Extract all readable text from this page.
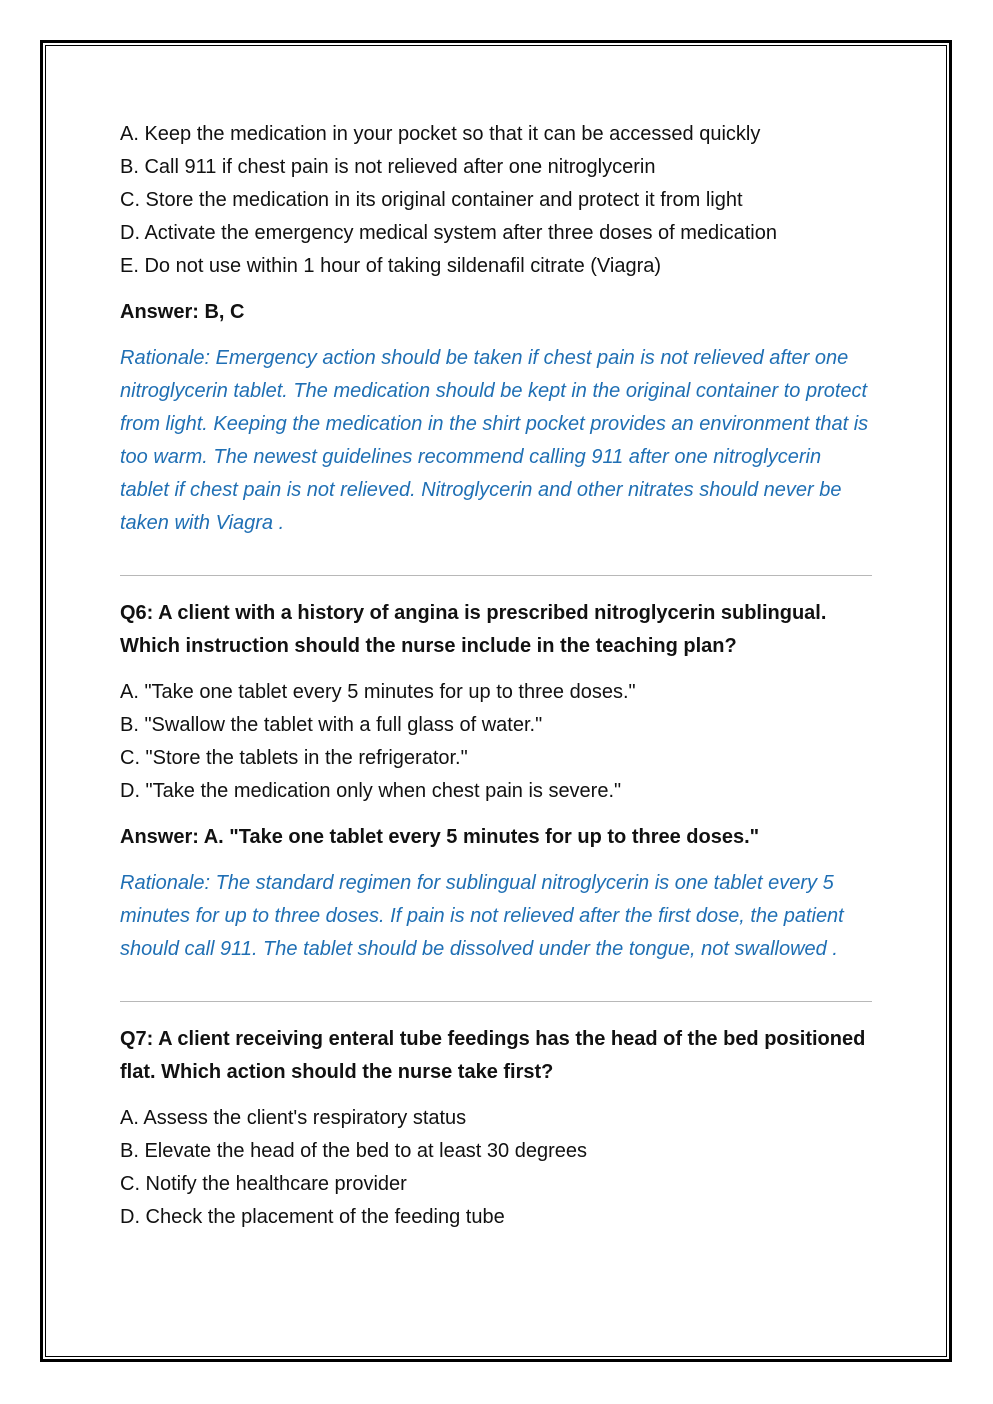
A. Keep the medication in your pocket so that it can be accessed quickly

B. Call 911 if chest pain is not relieved after one nitroglycerin

C. Store the medication in its original container and protect it from light

D. Activate the emergency medical system after three doses of medication

E. Do not use within 1 hour of taking sildenafil citrate (Viagra)

Answer: B, C

Rationale: Emergency action should be taken if chest pain is not relieved after one nitroglycerin tablet. The medication should be kept in the original container to protect from light. Keeping the medication in the shirt pocket provides an environment that is too warm. The newest guidelines recommend calling 911 after one nitroglycerin tablet if chest pain is not relieved. Nitroglycerin and other nitrates should never be taken with Viagra .

Q6: A client with a history of angina is prescribed nitroglycerin sublingual. Which instruction should the nurse include in the teaching plan?

A. "Take one tablet every 5 minutes for up to three doses."

B. "Swallow the tablet with a full glass of water."

C. "Store the tablets in the refrigerator."

D. "Take the medication only when chest pain is severe."

Answer: A. "Take one tablet every 5 minutes for up to three doses."

Rationale: The standard regimen for sublingual nitroglycerin is one tablet every 5 minutes for up to three doses. If pain is not relieved after the first dose, the patient should call 911. The tablet should be dissolved under the tongue, not swallowed .

Q7: A client receiving enteral tube feedings has the head of the bed positioned flat. Which action should the nurse take first?

A. Assess the client's respiratory status

B. Elevate the head of the bed to at least 30 degrees

C. Notify the healthcare provider

D. Check the placement of the feeding tube
